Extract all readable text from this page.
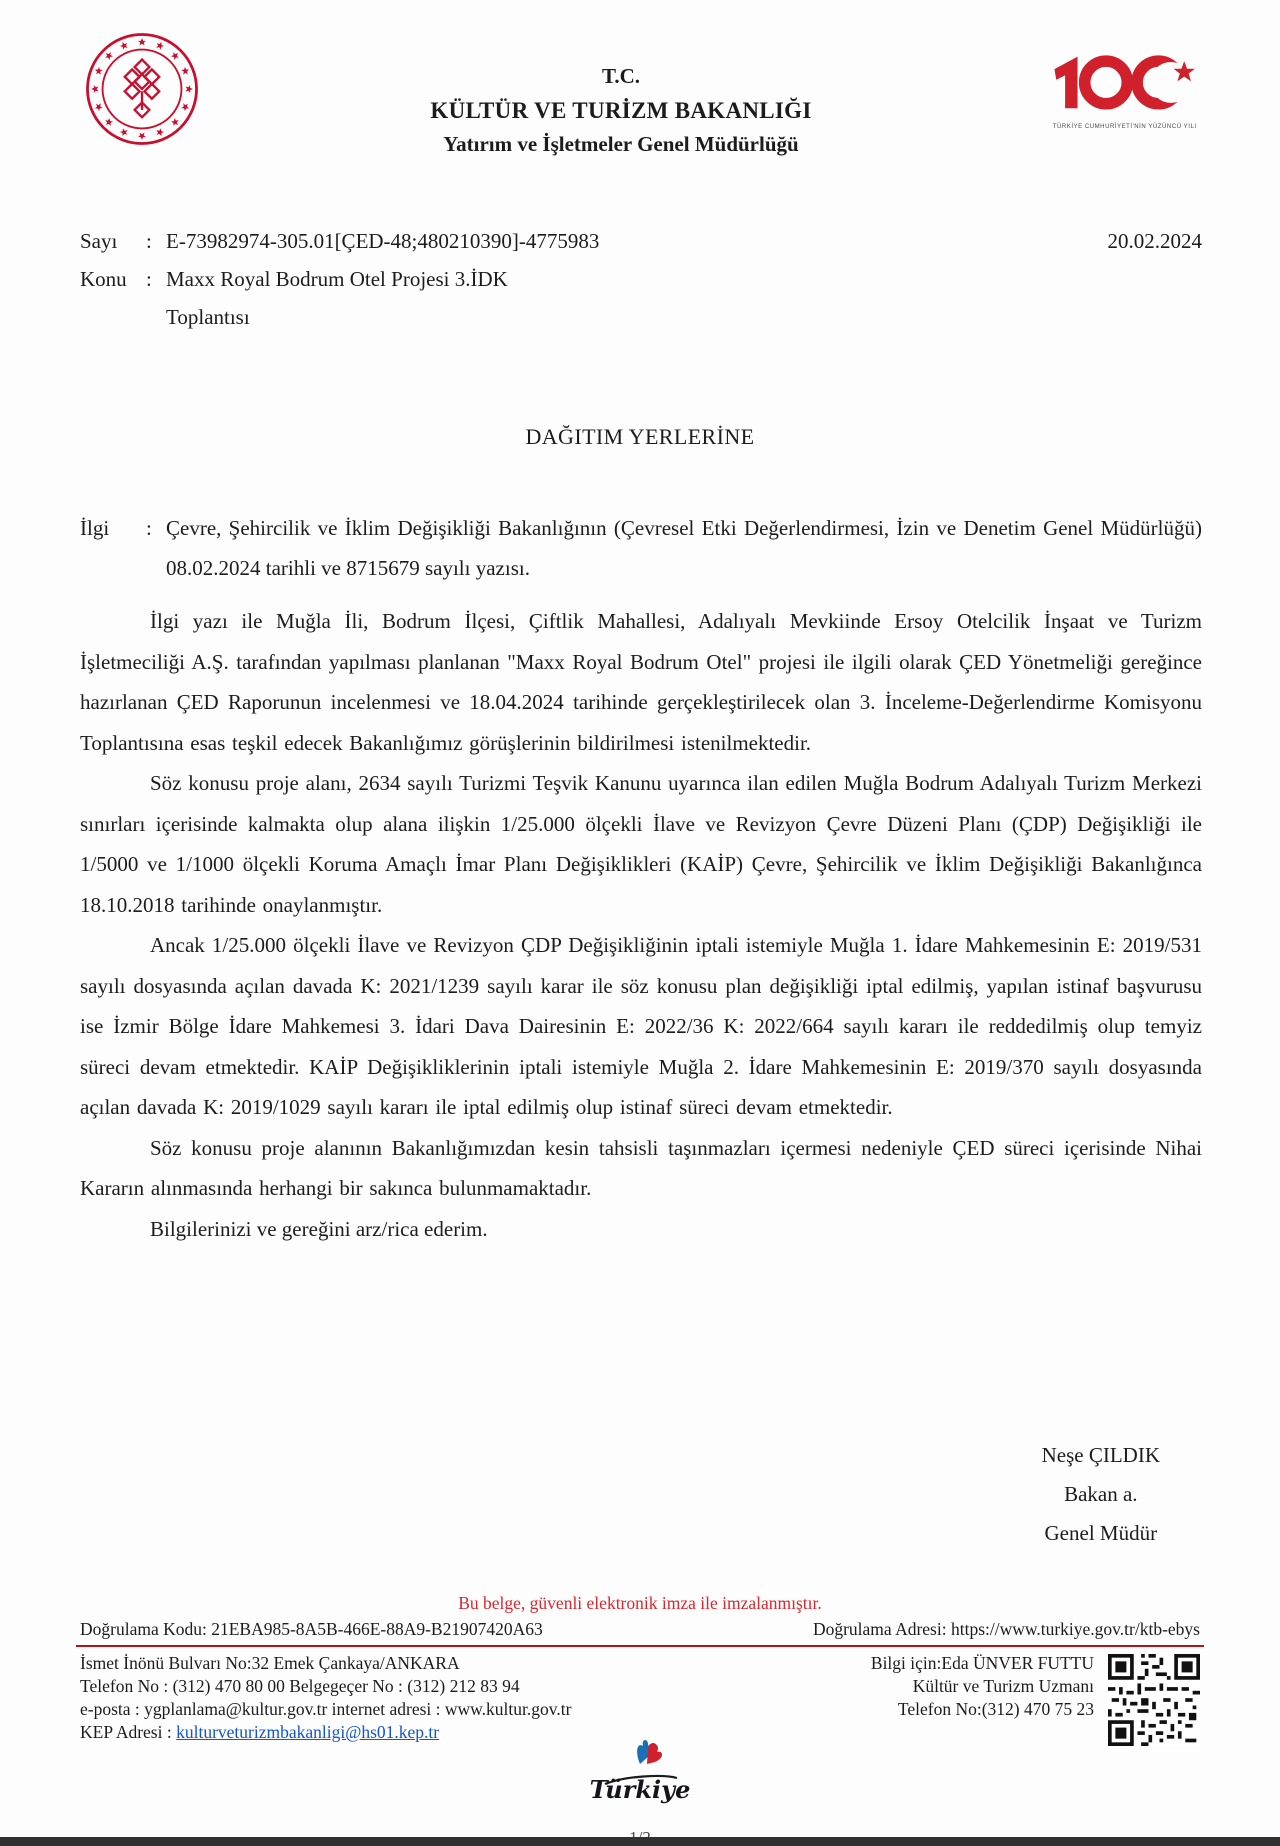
T.C.
KÜLTÜR VE TURİZM BAKANLIĞI
Yatırım ve İşletmeler Genel Müdürlüğü
TÜRKİYE CUMHURİYETİ'NİN YÜZÜNCÜ YILI
Sayı	: E-73982974-305.01[ÇED-48;480210390]-4775983	20.02.2024
Konu : Maxx Royal Bodrum Otel Projesi 3.İDK
Toplantısı
DAĞITIM YERLERİNE
İlgi	: Çevre, Şehircilik ve İklim Değişikliği Bakanlığının (Çevresel Etki Değerlendirmesi, İzin ve Denetim Genel Müdürlüğü) 08.02.2024 tarihli ve 8715679 sayılı yazısı.

İlgi yazı ile Muğla İli, Bodrum İlçesi, Çiftlik Mahallesi, Adalıyalı Mevkiinde Ersoy Otelcilik İnşaat ve Turizm İşletmeciliği A.Ş. tarafından yapılması planlanan "Maxx Royal Bodrum Otel" projesi ile ilgili olarak ÇED Yönetmeliği gereğince hazırlanan ÇED Raporunun incelenmesi ve 18.04.2024 tarihinde gerçekleştirilecek olan 3. İnceleme-Değerlendirme Komisyonu Toplantısına esas teşkil edecek Bakanlığımız görüşlerinin bildirilmesi istenilmektedir.

Söz konusu proje alanı, 2634 sayılı Turizmi Teşvik Kanunu uyarınca ilan edilen Muğla Bodrum Adalıyalı Turizm Merkezi sınırları içerisinde kalmakta olup alana ilişkin 1/25.000 ölçekli İlave ve Revizyon Çevre Düzeni Planı (ÇDP) Değişikliği ile 1/5000 ve 1/1000 ölçekli Koruma Amaçlı İmar Planı Değişiklikleri (KAİP) Çevre, Şehircilik ve İklim Değişikliği Bakanlığınca 18.10.2018 tarihinde onaylanmıştır.

Ancak 1/25.000 ölçekli İlave ve Revizyon ÇDP Değişikliğinin iptali istemiyle Muğla 1. İdare Mahkemesinin E: 2019/531 sayılı dosyasında açılan davada K: 2021/1239 sayılı karar ile söz konusu plan değişikliği iptal edilmiş, yapılan istinaf başvurusu ise İzmir Bölge İdare Mahkemesi 3. İdari Dava Dairesinin E: 2022/36 K: 2022/664 sayılı kararı ile reddedilmiş olup temyiz süreci devam etmektedir. KAİP Değişikliklerinin iptali istemiyle Muğla 2. İdare Mahkemesinin E: 2019/370 sayılı dosyasında açılan davada K: 2019/1029 sayılı kararı ile iptal edilmiş olup istinaf süreci devam etmektedir.

Söz konusu proje alanının Bakanlığımızdan kesin tahsisli taşınmazları içermesi nedeniyle ÇED süreci içerisinde Nihai Kararın alınmasında herhangi bir sakınca bulunmamaktadır.

Bilgilerinizi ve gereğini arz/rica ederim.

Neşe ÇILDIK
Bakan a.
Genel Müdür
Bu belge, güvenli elektronik imza ile imzalanmıştır.
Doğrulama Kodu: 21EBA985-8A5B-466E-88A9-B21907420A63	Doğrulama Adresi: https://www.turkiye.gov.tr/ktb-ebys
İsmet İnönü Bulvarı No:32 Emek Çankaya/ANKARA
Telefon No : (312) 470 80 00 Belgegeçer No : (312) 212 83 94
e-posta : ygplanlama@kultur.gov.tr internet adresi : www.kultur.gov.tr
KEP Adresi : kulturveturizmbakanligi@hs01.kep.tr
Bilgi için:Eda ÜNVER FUTTU
Kültür ve Turizm Uzmanı
Telefon No:(312) 470 75 23
Türkiye
